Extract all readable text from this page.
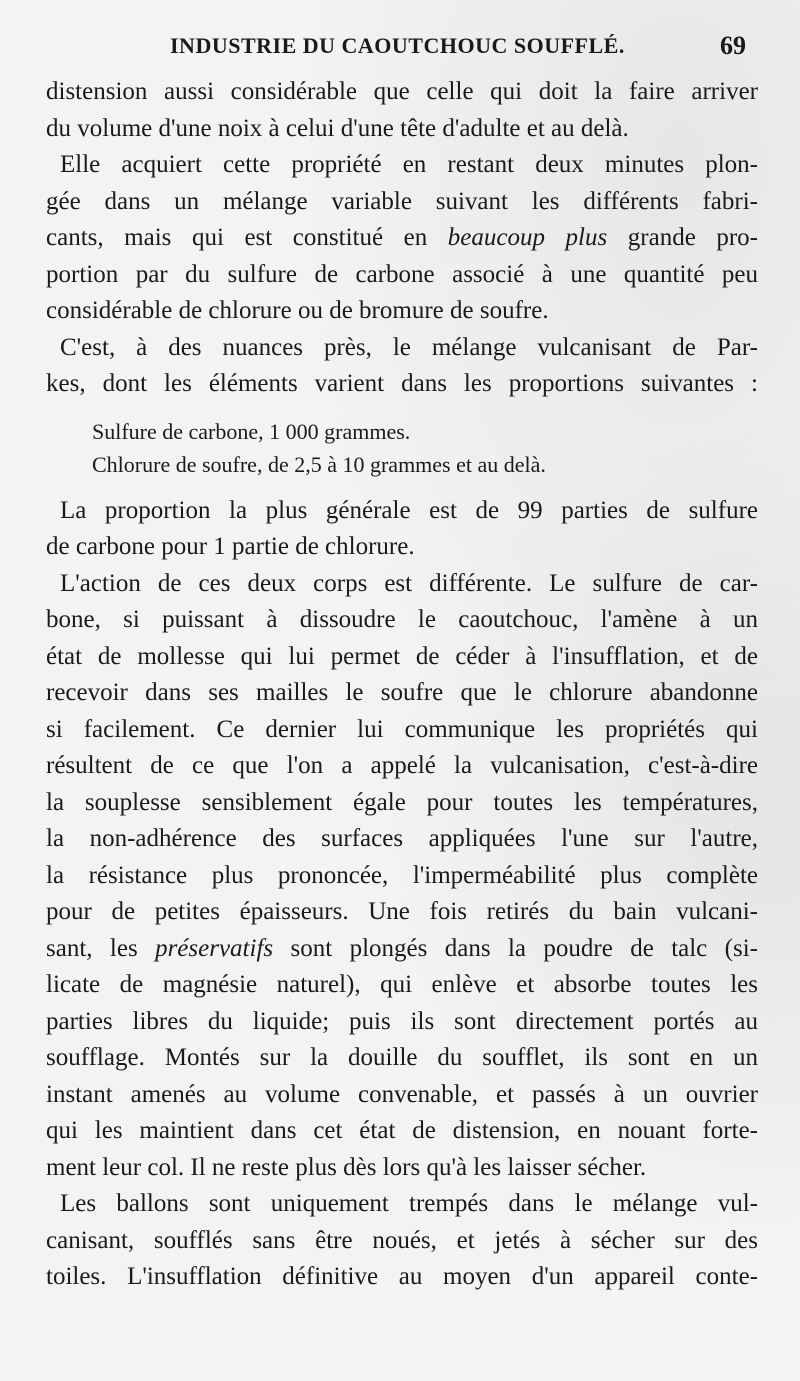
INDUSTRIE DU CAOUTCHOUC SOUFFLÉ.	69
distension aussi considérable que celle qui doit la faire arriver
du volume d'une noix à celui d'une tête d'adulte et au delà.
Elle acquiert cette propriété en restant deux minutes plon-
gée dans un mélange variable suivant les différents fabri-
cants, mais qui est constitué en beaucoup plus grande pro-
portion par du sulfure de carbone associé à une quantité peu
considérable de chlorure ou de bromure de soufre.
C'est, à des nuances près, le mélange vulcanisant de Par-
kes, dont les éléments varient dans les proportions suivantes :
Sulfure de carbone, 1 000 grammes.
Chlorure de soufre, de 2,5 à 10 grammes et au delà.
La proportion la plus générale est de 99 parties de sulfure
de carbone pour 1 partie de chlorure.
L'action de ces deux corps est différente. Le sulfure de car-
bone, si puissant à dissoudre le caoutchouc, l'amène à un
état de mollesse qui lui permet de céder à l'insufflation, et de
recevoir dans ses mailles le soufre que le chlorure abandonne
si facilement. Ce dernier lui communique les propriétés qui
résultent de ce que l'on a appelé la vulcanisation, c'est-à-dire
la souplesse sensiblement égale pour toutes les températures,
la non-adhérence des surfaces appliquées l'une sur l'autre,
la résistance plus prononcée, l'imperméabilité plus complète
pour de petites épaisseurs. Une fois retirés du bain vulcani-
sant, les préservatifs sont plongés dans la poudre de talc (si-
licate de magnésie naturel), qui enlève et absorbe toutes les
parties libres du liquide; puis ils sont directement portés au
soufflage. Montés sur la douille du soufflet, ils sont en un
instant amenés au volume convenable, et passés à un ouvrier
qui les maintient dans cet état de distension, en nouant forte-
ment leur col. Il ne reste plus dès lors qu'à les laisser sécher.
Les ballons sont uniquement trempés dans le mélange vul-
canisant, soufflés sans être noués, et jetés à sécher sur des
toiles. L'insufflation définitive au moyen d'un appareil conte-
